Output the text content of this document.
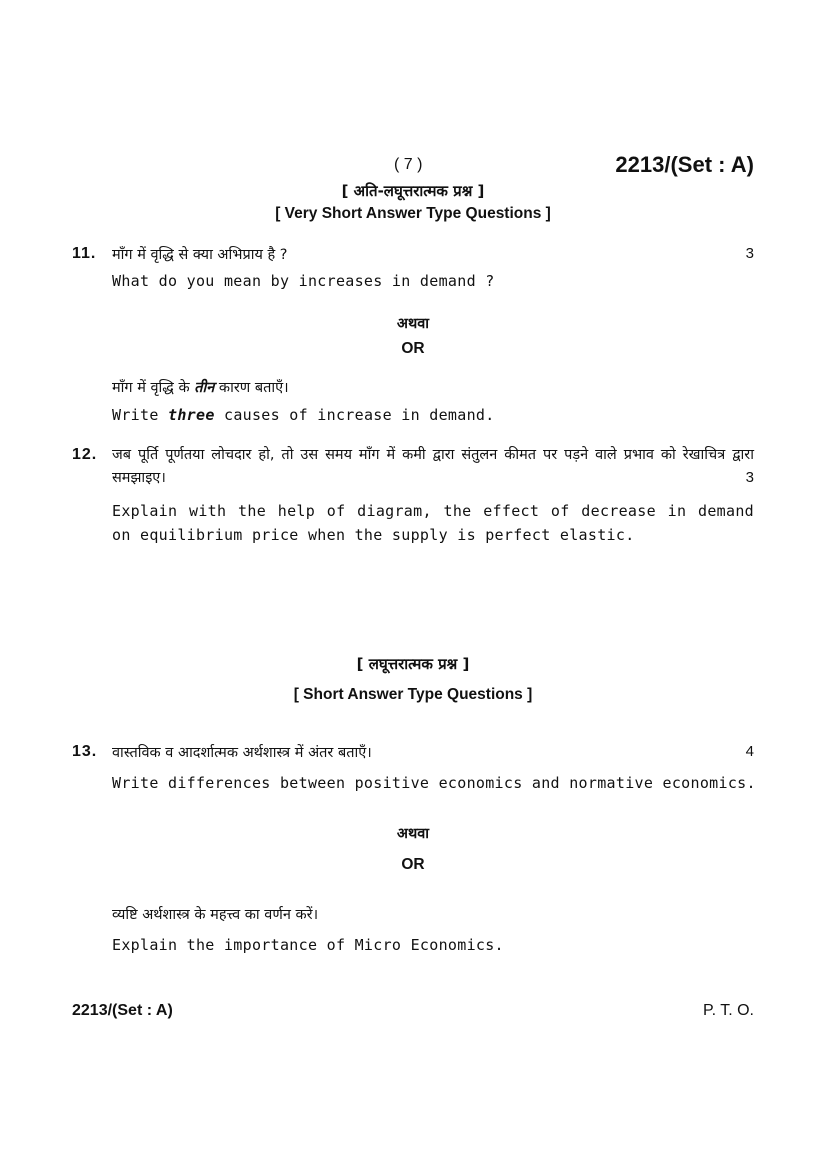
( 7 )	2213/(Set : A)
[ अति-लघूत्तरात्मक प्रश्न ]
[ Very Short Answer Type Questions ]
11. माँग में वृद्धि से क्या अभिप्राय है ?	3
What do you mean by increases in demand ?
अथवा
OR
माँग में वृद्धि के तीन कारण बताएँ।
Write three causes of increase in demand.
12. जब पूर्ति पूर्णतया लोचदार हो, तो उस समय माँग में कमी द्वारा संतुलन कीमत पर पड़ने वाले प्रभाव को रेखाचित्र द्वारा समझाइए।	3
Explain with the help of diagram, the effect of decrease in demand on equilibrium price when the supply is perfect elastic.
[ लघूत्तरात्मक प्रश्न ]
[ Short Answer Type Questions ]
13. वास्तविक व आदर्शात्मक अर्थशास्त्र में अंतर बताएँ।	4
Write differences between positive economics and normative economics.
अथवा
OR
व्यष्टि अर्थशास्त्र के महत्त्व का वर्णन करें।
Explain the importance of Micro Economics.
2213/(Set : A)	P. T. O.
